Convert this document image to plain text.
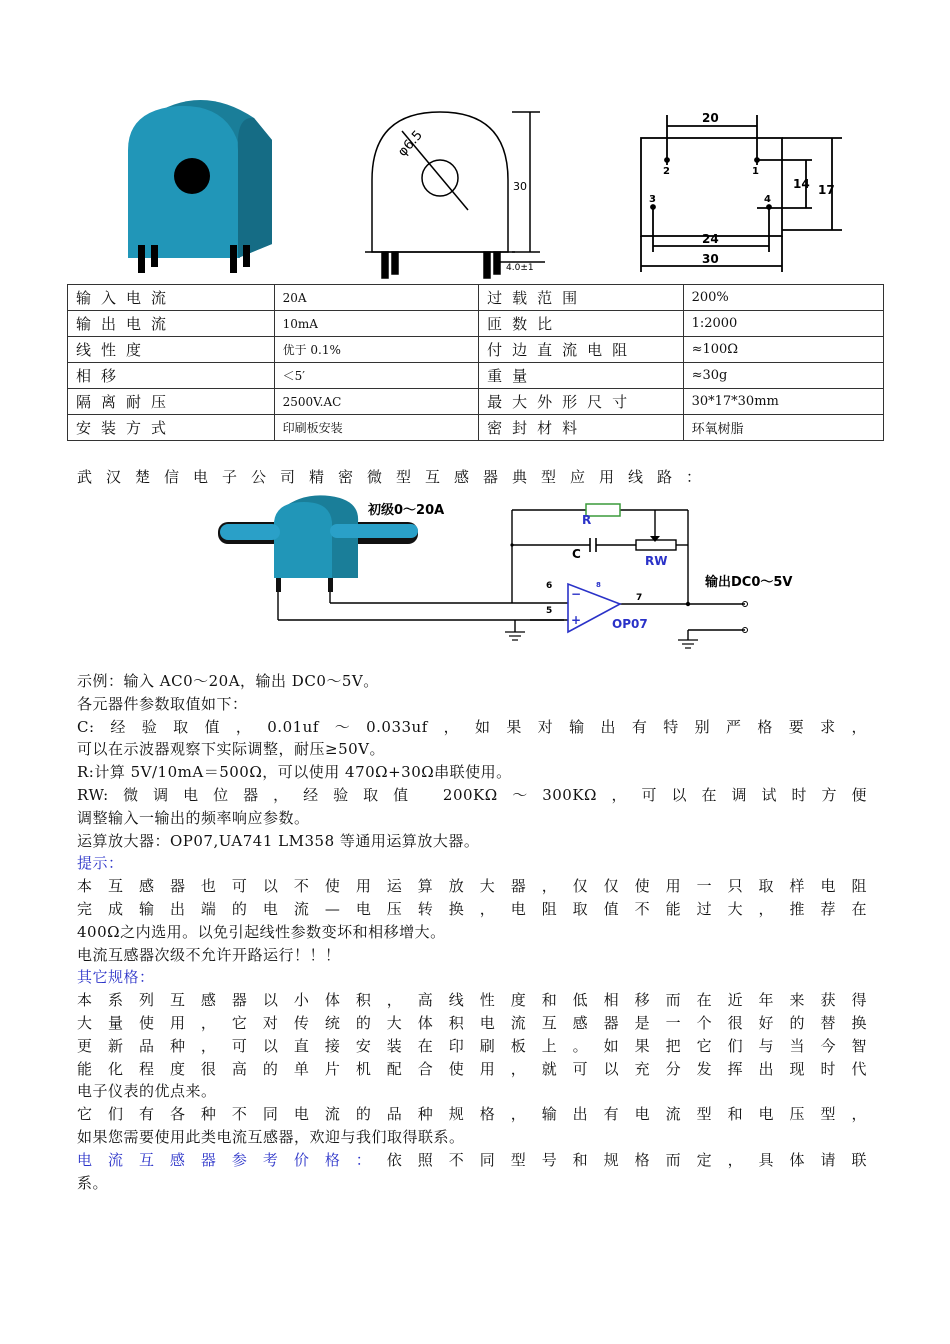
φ6.5
30
4.0±1
20
24
30
14 17
2	1
3	4
输入电流	20A	过载范围	200%
输出电流	10mA	匝数比	1:2000
线性度	优于 0.1%	付边直流电阻	≈100Ω
相移	＜5′	重量	≈30g
隔离耐压	2500V.AC	最大外形尺寸	30*17*30mm
安装方式	印刷板安装	密封材料	环氧树脂
武汉楚信电子公司精密微型互感器典型应用线路：
初级0～20A
R
C	RW
OP07
输出DC0～5V
6
5
7
8
−
+

示例：输入 AC0～20A，输出 DC0～5V。

各元器件参数取值如下：

C:经验取值，0.01uf～0.033uf，如果对输出有特别严格要求，

可以在示波器观察下实际调整，耐压≥50V。

R:计算 5V/10mA＝500Ω，可以使用 470Ω+30Ω串联使用。

RW:微调电位器，经验取值 200KΩ～300KΩ，可以在调试时方便

调整输入一输出的频率响应参数。

运算放大器：OP07,UA741 LM358 等通用运算放大器。

提示：

本互感器也可以不使用运算放大器，仅仅使用一只取样电阻

完成输出端的电流—电压转换，电阻取值不能过大，推荐在

400Ω之内选用。以免引起线性参数变坏和相移增大。

电流互感器次级不允许开路运行！！！

其它规格：

本系列互感器以小体积，高线性度和低相移而在近年来获得

大量使用，它对传统的大体积电流互感器是一个很好的替换

更新品种，可以直接安装在印刷板上。如果把它们与当今智

能化程度很高的单片机配合使用，就可以充分发挥出现时代

电子仪表的优点来。

它们有各种不同电流的品种规格，输出有电流型和电压型，

如果您需要使用此类电流互感器，欢迎与我们取得联系。

电流互感器参考价格：依照不同型号和规格而定，具体请联

系。
